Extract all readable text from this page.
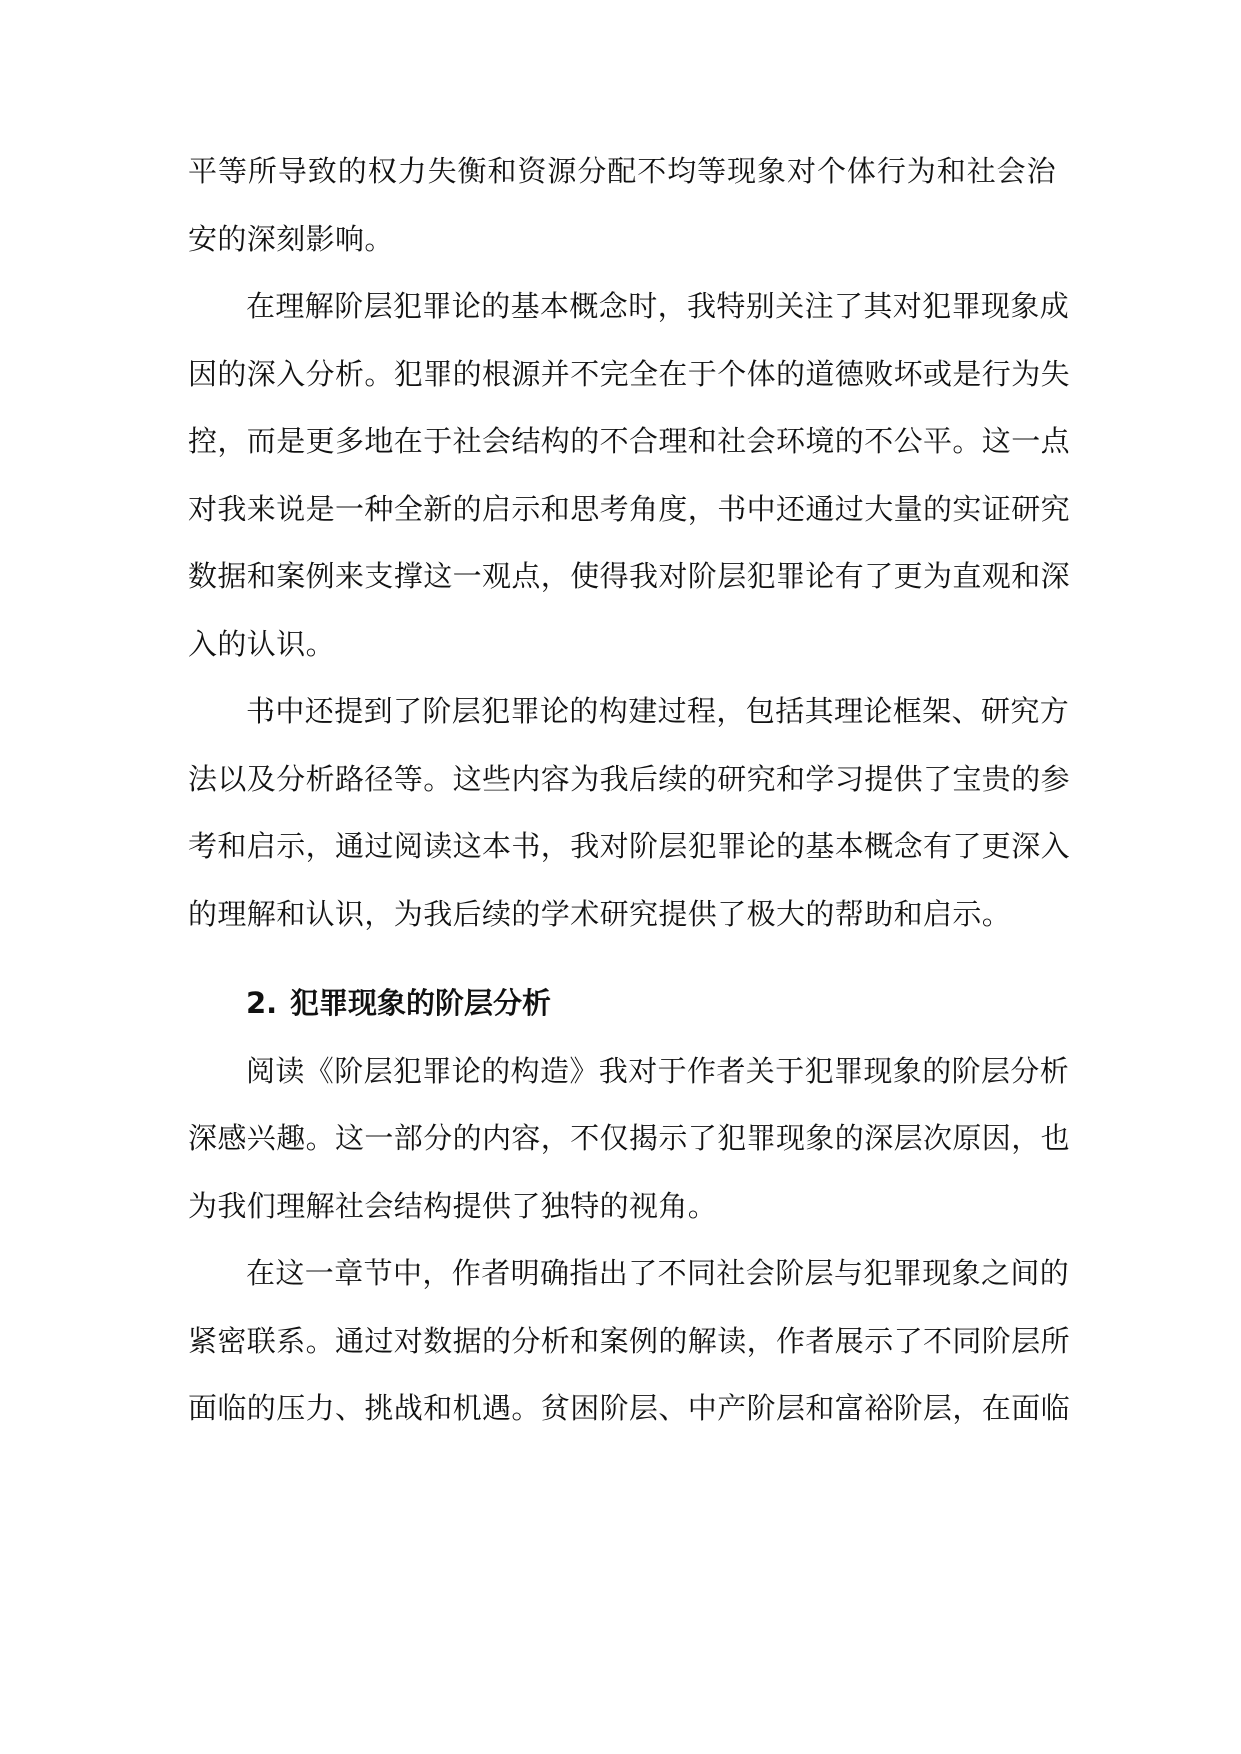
平等所导致的权力失衡和资源分配不均等现象对个体行为和社会治
安的深刻影响。
在理解阶层犯罪论的基本概念时，我特别关注了其对犯罪现象成
因的深入分析。犯罪的根源并不完全在于个体的道德败坏或是行为失
控，而是更多地在于社会结构的不合理和社会环境的不公平。这一点
对我来说是一种全新的启示和思考角度，书中还通过大量的实证研究
数据和案例来支撑这一观点，使得我对阶层犯罪论有了更为直观和深
入的认识。
书中还提到了阶层犯罪论的构建过程，包括其理论框架、研究方
法以及分析路径等。这些内容为我后续的研究和学习提供了宝贵的参
考和启示，通过阅读这本书，我对阶层犯罪论的基本概念有了更深入
的理解和认识，为我后续的学术研究提供了极大的帮助和启示。
2. 犯罪现象的阶层分析
阅读《阶层犯罪论的构造》我对于作者关于犯罪现象的阶层分析
深感兴趣。这一部分的内容，不仅揭示了犯罪现象的深层次原因，也
为我们理解社会结构提供了独特的视角。
在这一章节中，作者明确指出了不同社会阶层与犯罪现象之间的
紧密联系。通过对数据的分析和案例的解读，作者展示了不同阶层所
面临的压力、挑战和机遇。贫困阶层、中产阶层和富裕阶层，在面临
